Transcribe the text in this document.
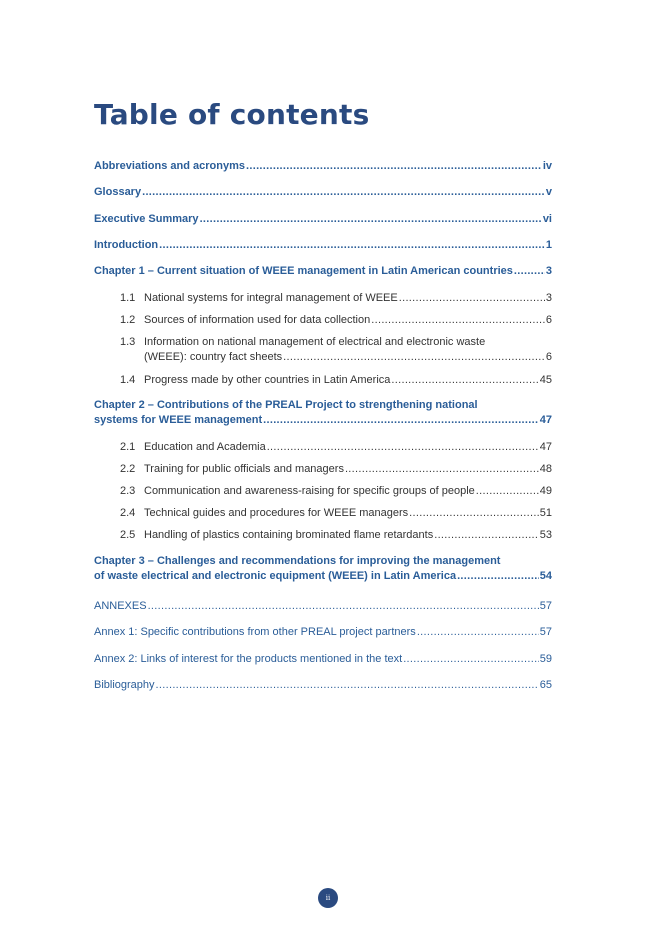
Table of contents
Abbreviations and acronyms .....	iv
Glossary .....	v
Executive Summary .....	vi
Introduction .....	1
Chapter 1 – Current situation of WEEE management in Latin American countries .....	3
1.1 National systems for integral management of WEEE .....	3
1.2 Sources of information used for data collection .....	6
1.3 Information on national management of electrical and electronic waste
(WEEE): country fact sheets .....	6
1.4 Progress made by other countries in Latin America .....	45
Chapter 2 – Contributions of the PREAL Project to strengthening national
systems for WEEE management .....	47
2.1 Education and Academia .....	47
2.2 Training for public officials and managers .....	48
2.3 Communication and awareness-raising for specific groups of people .....	49
2.4 Technical guides and procedures for WEEE managers .....	51
2.5 Handling of plastics containing brominated flame retardants .....	53
Chapter 3 – Challenges and recommendations for improving the management
of waste electrical and electronic equipment (WEEE) in Latin America .....	54
ANNEXES .....	57
Annex 1: Specific contributions from other PREAL project partners .....	57
Annex 2: Links of interest for the products mentioned in the text .....	59
Bibliography .....	65
ii
